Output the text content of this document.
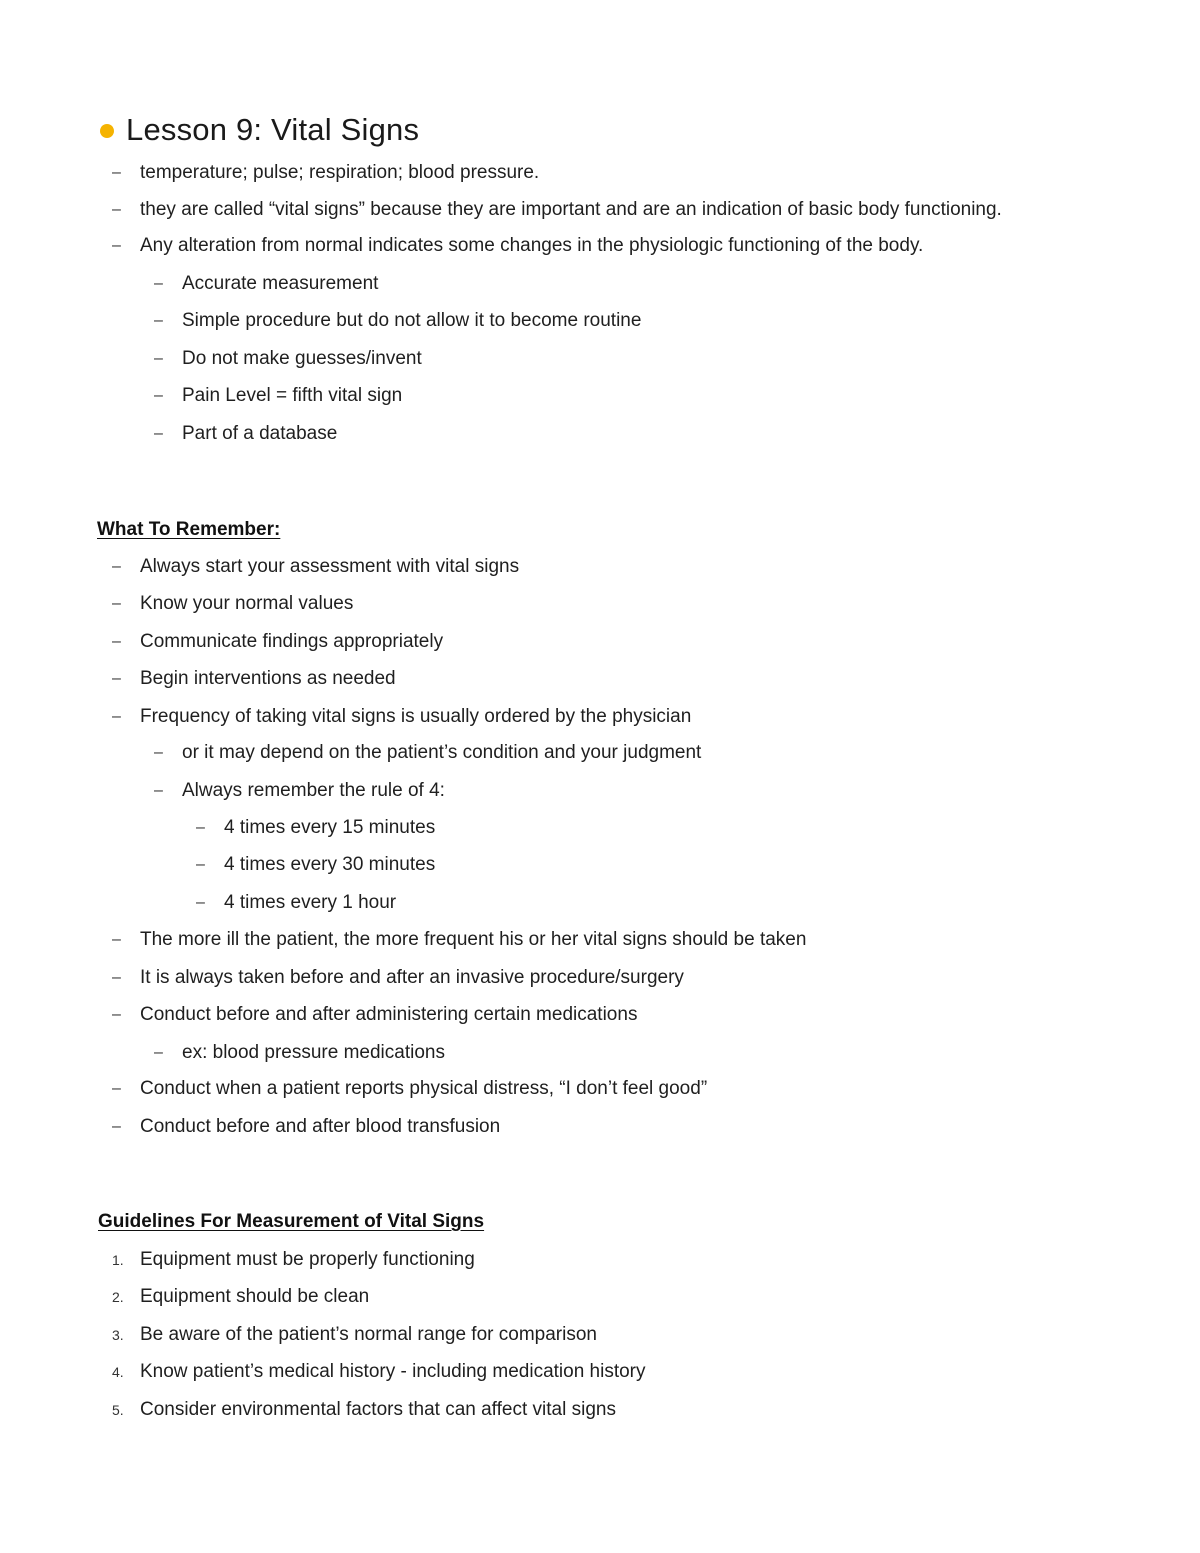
Lesson 9: Vital Signs
– temperature; pulse; respiration; blood pressure.
– they are called “vital signs” because they are important and are an indication of basic body functioning.
– Any alteration from normal indicates some changes in the physiologic functioning of the body.
– Accurate measurement
– Simple procedure but do not allow it to become routine
– Do not make guesses/invent
– Pain Level = fifth vital sign
– Part of a database
What To Remember:
– Always start your assessment with vital signs
– Know your normal values
– Communicate findings appropriately
– Begin interventions as needed
– Frequency of taking vital signs is usually ordered by the physician
– or it may depend on the patient’s condition and your judgment
– Always remember the rule of 4:
– 4 times every 15 minutes
– 4 times every 30 minutes
– 4 times every 1 hour
– The more ill the patient, the more frequent his or her vital signs should be taken
– It is always taken before and after an invasive procedure/surgery
– Conduct before and after administering certain medications
– ex: blood pressure medications
– Conduct when a patient reports physical distress, “I don’t feel good”
– Conduct before and after blood transfusion
Guidelines For Measurement of Vital Signs
1. Equipment must be properly functioning
2. Equipment should be clean
3. Be aware of the patient’s normal range for comparison
4. Know patient’s medical history - including medication history
5. Consider environmental factors that can affect vital signs
